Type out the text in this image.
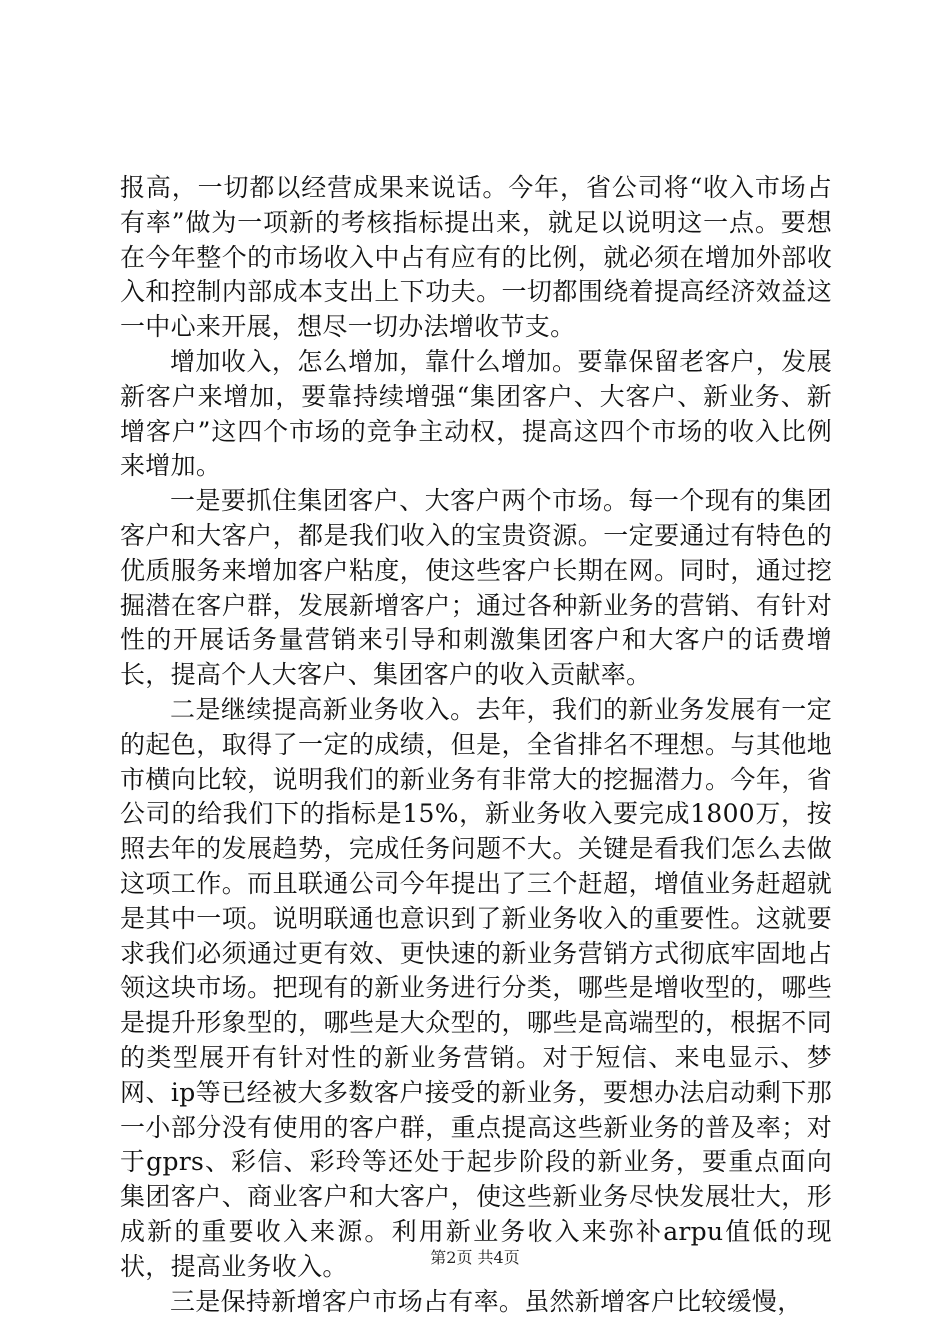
报高，一切都以经营成果来说话。今年，省公司将“收入市场占有率”做为一项新的考核指标提出来，就足以说明这一点。要想在今年整个的市场收入中占有应有的比例，就必须在增加外部收入和控制内部成本支出上下功夫。一切都围绕着提高经济效益这一中心来开展，想尽一切办法增收节支。

增加收入，怎么增加，靠什么增加。要靠保留老客户，发展新客户来增加，要靠持续增强“集团客户、大客户、新业务、新增客户”这四个市场的竞争主动权，提高这四个市场的收入比例来增加。

一是要抓住集团客户、大客户两个市场。每一个现有的集团客户和大客户，都是我们收入的宝贵资源。一定要通过有特色的优质服务来增加客户粘度，使这些客户长期在网。同时，通过挖掘潜在客户群，发展新增客户；通过各种新业务的营销、有针对性的开展话务量营销来引导和刺激集团客户和大客户的话费增长，提高个人大客户、集团客户的收入贡献率。

二是继续提高新业务收入。去年，我们的新业务发展有一定的起色，取得了一定的成绩，但是，全省排名不理想。与其他地市横向比较，说明我们的新业务有非常大的挖掘潜力。今年，省公司的给我们下的指标是15%，新业务收入要完成1800万，按照去年的发展趋势，完成任务问题不大。关键是看我们怎么去做这项工作。而且联通公司今年提出了三个赶超，增值业务赶超就是其中一项。说明联通也意识到了新业务收入的重要性。这就要求我们必须通过更有效、更快速的新业务营销方式彻底牢固地占领这块市场。把现有的新业务进行分类，哪些是增收型的，哪些是提升形象型的，哪些是大众型的，哪些是高端型的，根据不同的类型展开有针对性的新业务营销。对于短信、来电显示、梦网、ip等已经被大多数客户接受的新业务，要想办法启动剩下那一小部分没有使用的客户群，重点提高这些新业务的普及率；对于gprs、彩信、彩玲等还处于起步阶段的新业务，要重点面向集团客户、商业客户和大客户，使这些新业务尽快发展壮大，形成新的重要收入来源。利用新业务收入来弥补arpu值低的现状，提高业务收入。

三是保持新增客户市场占有率。虽然新增客户比较缓慢，

第2页 共4页
